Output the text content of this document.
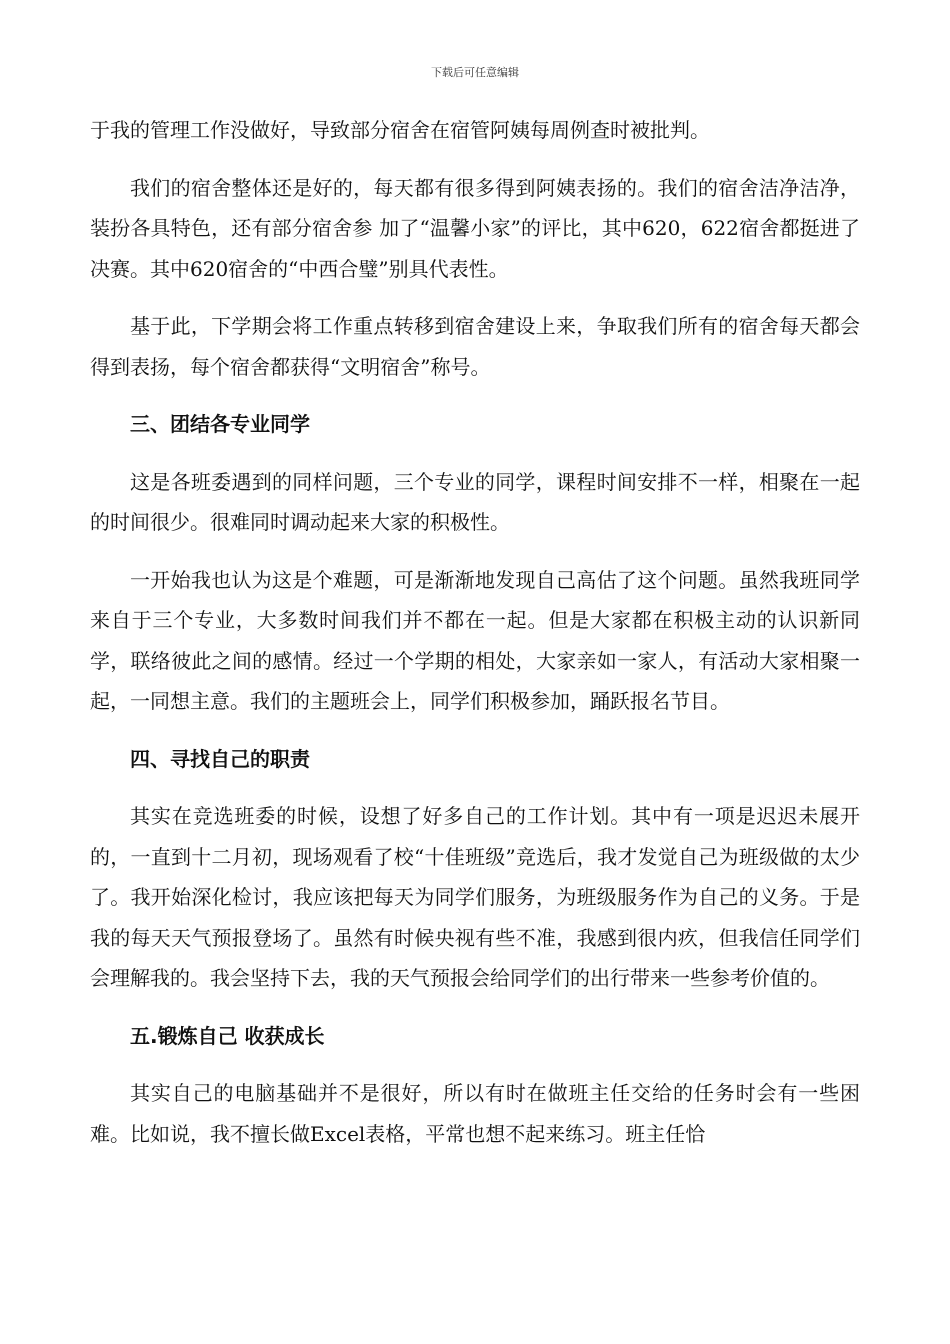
下载后可任意编辑

于我的管理工作没做好，导致部分宿舍在宿管阿姨每周例查时被批判。

我们的宿舍整体还是好的，每天都有很多得到阿姨表扬的。我们的宿舍洁净洁净，装扮各具特色，还有部分宿舍参 加了“温馨小家”的评比，其中620，622宿舍都挺进了决赛。其中620宿舍的“中西合璧”别具代表性。

基于此，下学期会将工作重点转移到宿舍建设上来，争取我们所有的宿舍每天都会得到表扬，每个宿舍都获得“文明宿舍”称号。

三、团结各专业同学

这是各班委遇到的同样问题，三个专业的同学，课程时间安排不一样，相聚在一起的时间很少。很难同时调动起来大家的积极性。

一开始我也认为这是个难题，可是渐渐地发现自己高估了这个问题。虽然我班同学来自于三个专业，大多数时间我们并不都在一起。但是大家都在积极主动的认识新同学，联络彼此之间的感情。经过一个学期的相处，大家亲如一家人，有活动大家相聚一起，一同想主意。我们的主题班会上，同学们积极参加，踊跃报名节目。

四、寻找自己的职责

其实在竞选班委的时候，设想了好多自己的工作计划。其中有一项是迟迟未展开的，一直到十二月初，现场观看了校“十佳班级”竞选后，我才发觉自己为班级做的太少了。我开始深化检讨，我应该把每天为同学们服务，为班级服务作为自己的义务。于是我的每天天气预报登场了。虽然有时候央视有些不准，我感到很内疚，但我信任同学们会理解我的。我会坚持下去，我的天气预报会给同学们的出行带来一些参考价值的。

五.锻炼自己 收获成长

其实自己的电脑基础并不是很好，所以有时在做班主任交给的任务时会有一些困难。比如说，我不擅长做Excel表格，平常也想不起来练习。班主任恰
